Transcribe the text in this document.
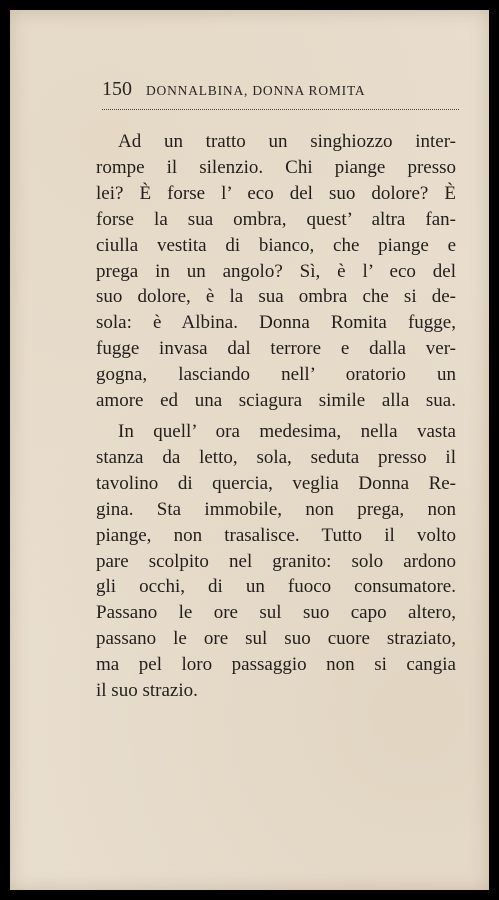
150 DONNALBINA, DONNA ROMITA
Ad un tratto un singhiozzo inter-
rompe il silenzio. Chi piange presso
lei? È forse l’ eco del suo dolore? È
forse la sua ombra, quest’ altra fan-
ciulla vestita di bianco, che piange e
prega in un angolo? Sì, è l’ eco del
suo dolore, è la sua ombra che si de-
sola: è Albina. Donna Romita fugge,
fugge invasa dal terrore e dalla ver-
gogna, lasciando nell’ oratorio un
amore ed una sciagura simile alla sua.
In quell’ ora medesima, nella vasta
stanza da letto, sola, seduta presso il
tavolino di quercia, veglia Donna Re-
gina. Sta immobile, non prega, non
piange, non trasalisce. Tutto il volto
pare scolpito nel granito: solo ardono
gli occhi, di un fuoco consumatore.
Passano le ore sul suo capo altero,
passano le ore sul suo cuore straziato,
ma pel loro passaggio non si cangia
il suo strazio.
